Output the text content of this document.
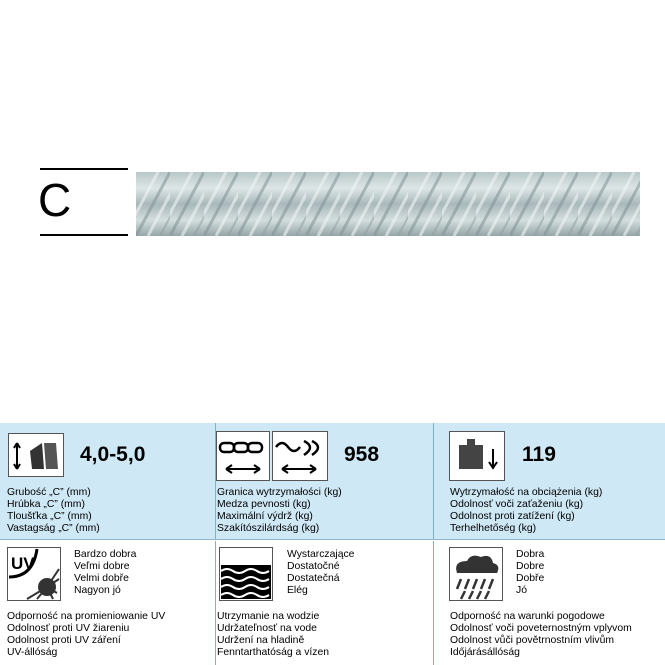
C
4,0-5,0
Grubość „C” (mm)
Hrúbka „C” (mm)
Tloušťka „C” (mm)
Vastagság „C” (mm)
958
Granica wytrzymałości (kg)
Medza pevnosti (kg)
Maximální výdrž (kg)
Szakítószilárdság (kg)
119
Wytrzymałość na obciążenia (kg)
Odolnosť voči zaťaženiu (kg)
Odolnost proti zatížení (kg)
Terhelhetőség (kg)
UV	Bardzo dobra
Veľmi dobre
Velmi dobře
Nagyon jó
Odporność na promieniowanie UV
Odolnosť proti UV žiareniu
Odolnost proti UV záření
UV-állóság
Wystarczające
Dostatočné
Dostatečná
Elég
Utrzymanie na wodzie
Udržateľnosť na vode
Udržení na hladině
Fenntarthatóság a vízen
Dobra
Dobre
Dobře
Jó
Odporność na warunki pogodowe
Odolnosť voči poveternostným vplyvom
Odolnost vůči povětrnostním vlivům
Időjárásállóság
